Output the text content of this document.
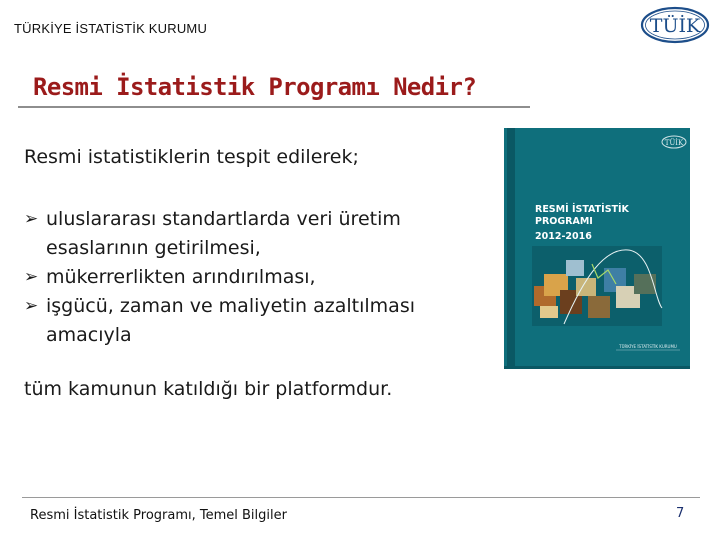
TÜRKİYE İSTATİSTİK KURUMU	TÜİK
Resmi İstatistik Programı Nedir?
Resmi istatistiklerin tespit edilerek;
➢ uluslararası standartlarda veri üretim
esaslarının getirilmesi,
➢ mükerrerlikten arındırılması,
➢ işgücü, zaman ve maliyetin azaltılması
amacıyla
tüm kamunun katıldığı bir platformdur.
TÜİK
RESMİ İSTATİSTİK
PROGRAMI
2012-2016
TÜRKİYE İSTATİSTİK KURUMU
Resmi İstatistik Programı, Temel Bilgiler	7
